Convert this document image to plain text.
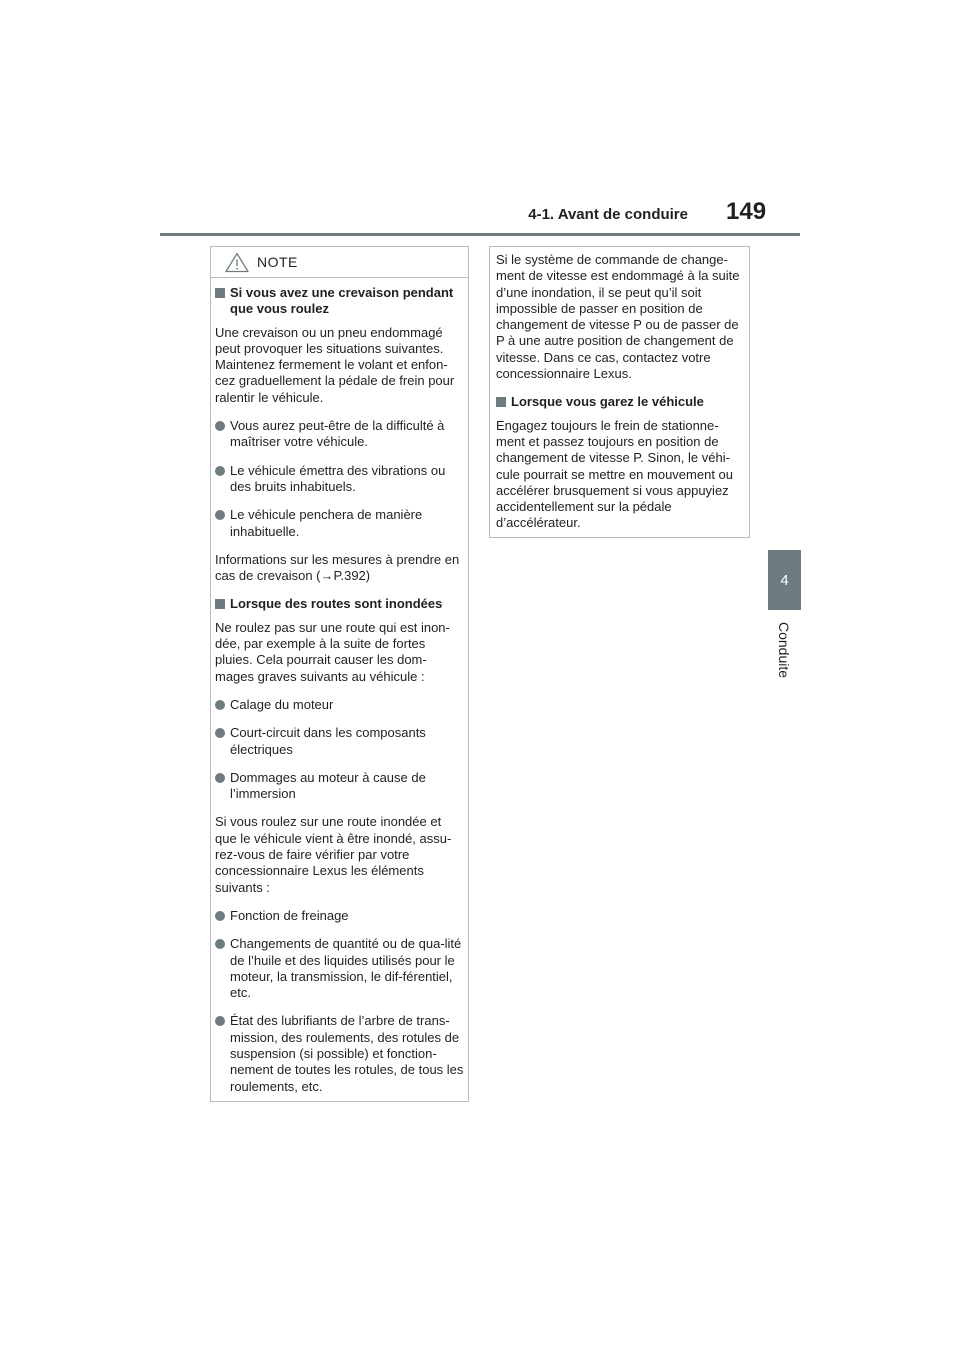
4-1. Avant de conduire 149
4
Conduite
NOTE
Si vous avez une crevaison pendant que vous roulez

Une crevaison ou un pneu endommagé peut provoquer les situations suivantes. Maintenez fermement le volant et enfon-cez graduellement la pédale de frein pour ralentir le véhicule.

Vous aurez peut-être de la difficulté à maîtriser votre véhicule.
Le véhicule émettra des vibrations ou des bruits inhabituels.
Le véhicule penchera de manière inhabituelle.

Informations sur les mesures à prendre en cas de crevaison (→P.392)

Lorsque des routes sont inondées

Ne roulez pas sur une route qui est inon-dée, par exemple à la suite de fortes pluies. Cela pourrait causer les dom-mages graves suivants au véhicule :

Calage du moteur
Court-circuit dans les composants électriques
Dommages au moteur à cause de l’immersion

Si vous roulez sur une route inondée et que le véhicule vient à être inondé, assu-rez-vous de faire vérifier par votre concessionnaire Lexus les éléments suivants :

Fonction de freinage
Changements de quantité ou de qua-lité de l’huile et des liquides utilisés pour le moteur, la transmission, le dif-férentiel, etc.
État des lubrifiants de l’arbre de trans-mission, des roulements, des rotules de suspension (si possible) et fonction-nement de toutes les rotules, de tous les roulements, etc.

Si le système de commande de change-ment de vitesse est endommagé à la suite d’une inondation, il se peut qu’il soit impossible de passer en position de changement de vitesse P ou de passer de P à une autre position de changement de vitesse. Dans ce cas, contactez votre concessionnaire Lexus.

Lorsque vous garez le véhicule

Engagez toujours le frein de stationne-ment et passez toujours en position de changement de vitesse P. Sinon, le véhi-cule pourrait se mettre en mouvement ou accélérer brusquement si vous appuyiez accidentellement sur la pédale d’accélérateur.
